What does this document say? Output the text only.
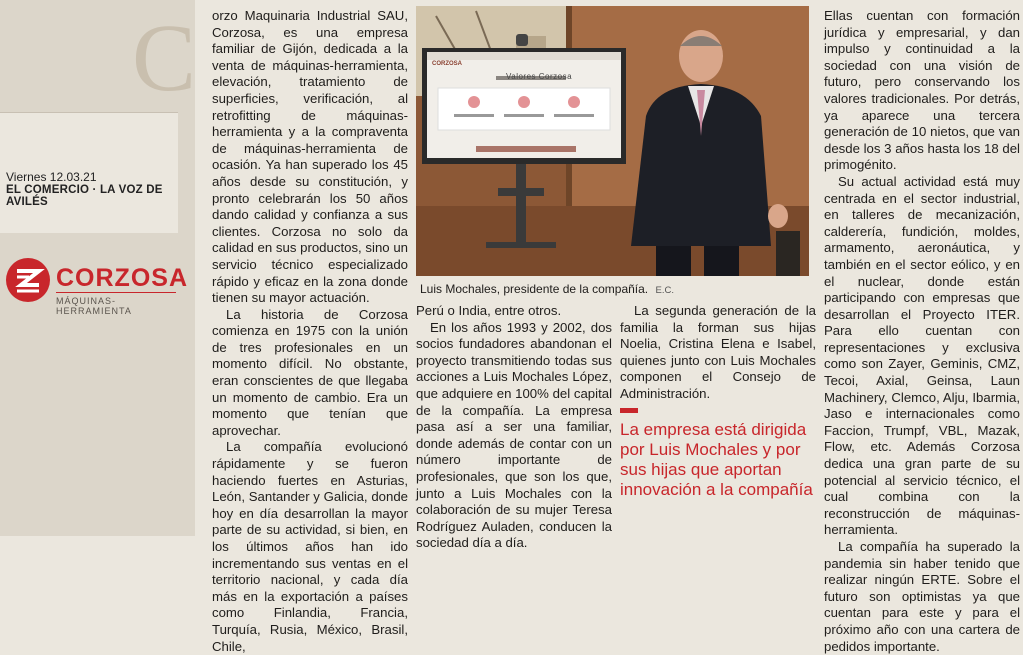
Viernes 12.03.21
EL COMERCIO · LA VOZ DE AVILÉS
CORZOSA
MÁQUINAS-HERRAMIENTA
C orzo Maquinaria Industrial SAU, Corzosa, es una empresa familiar de Gijón, dedicada a la venta de máquinas-herramienta, elevación, tratamiento de superficies, verificación, al retrofitting de máquinas-herramienta y a la compraventa de máquinas-herramienta de ocasión. Ya han superado los 45 años desde su constitución, y pronto celebrarán los 50 años dando calidad y confianza a sus clientes. Corzosa no solo da calidad en sus productos, sino un servicio técnico especializado rápido y eficaz en la zona donde tienen su mayor actuación.

La historia de Corzosa comienza en 1975 con la unión de tres profesionales en un momento difícil. No obstante, eran conscientes de que llegaba un momento de cambio. Era un momento que tenían que aprovechar.

La compañía evolucionó rápidamente y se fueron haciendo fuertes en Asturias, León, Santander y Galicia, donde hoy en día desarrollan la mayor parte de su actividad, si bien, en los últimos años han ido incrementando sus ventas en el territorio nacional, y cada día más en la exportación a países como Finlandia, Francia, Turquía, Rusia, México, Brasil, Chile,

Valores Corzosa
CORZOSA
Luis Mochales, presidente de la compañía. E.C.

Perú o India, entre otros.

En los años 1993 y 2002, dos socios fundadores abandonan el proyecto transmitiendo todas sus acciones a Luis Mochales López, que adquiere en 100% del capital de la compañía. La empresa pasa así a ser una familiar, donde además de contar con un número importante de profesionales, que son los que, junto a Luis Mochales con la colaboración de su mujer Teresa Rodríguez Auladen, conducen la sociedad día a día.

La segunda generación de la familia la forman sus hijas Noelia, Cristina Elena e Isabel, quienes junto con Luis Mochales componen el Consejo de Administración.

La empresa está dirigida por Luis Mochales y por sus hijas que aportan innovación a la compañía

Ellas cuentan con formación jurídica y empresarial, y dan impulso y continuidad a la sociedad con una visión de futuro, pero conservando los valores tradicionales. Por detrás, ya aparece una tercera generación de 10 nietos, que van desde los 3 años hasta los 18 del primogénito.

Su actual actividad está muy centrada en el sector industrial, en talleres de mecanización, calderería, fundición, moldes, armamento, aeronáutica, y también en el sector eólico, y en el nuclear, donde están participando con empresas que desarrollan el Proyecto ITER. Para ello cuentan con representaciones y exclusiva como son Zayer, Geminis, CMZ, Tecoi, Axial, Geinsa, Laun Machinery, Clemco, Alju, Ibarmia, Jaso e internacionales como Faccion, Trumpf, VBL, Mazak, Flow, etc. Además Corzosa dedica una gran parte de su potencial al servicio técnico, el cual combina con la reconstrucción de máquinas-herramienta.

La compañía ha superado la pandemia sin haber tenido que realizar ningún ERTE. Sobre el futuro son optimistas ya que cuentan para este y para el próximo año con una cartera de pedidos importante.
